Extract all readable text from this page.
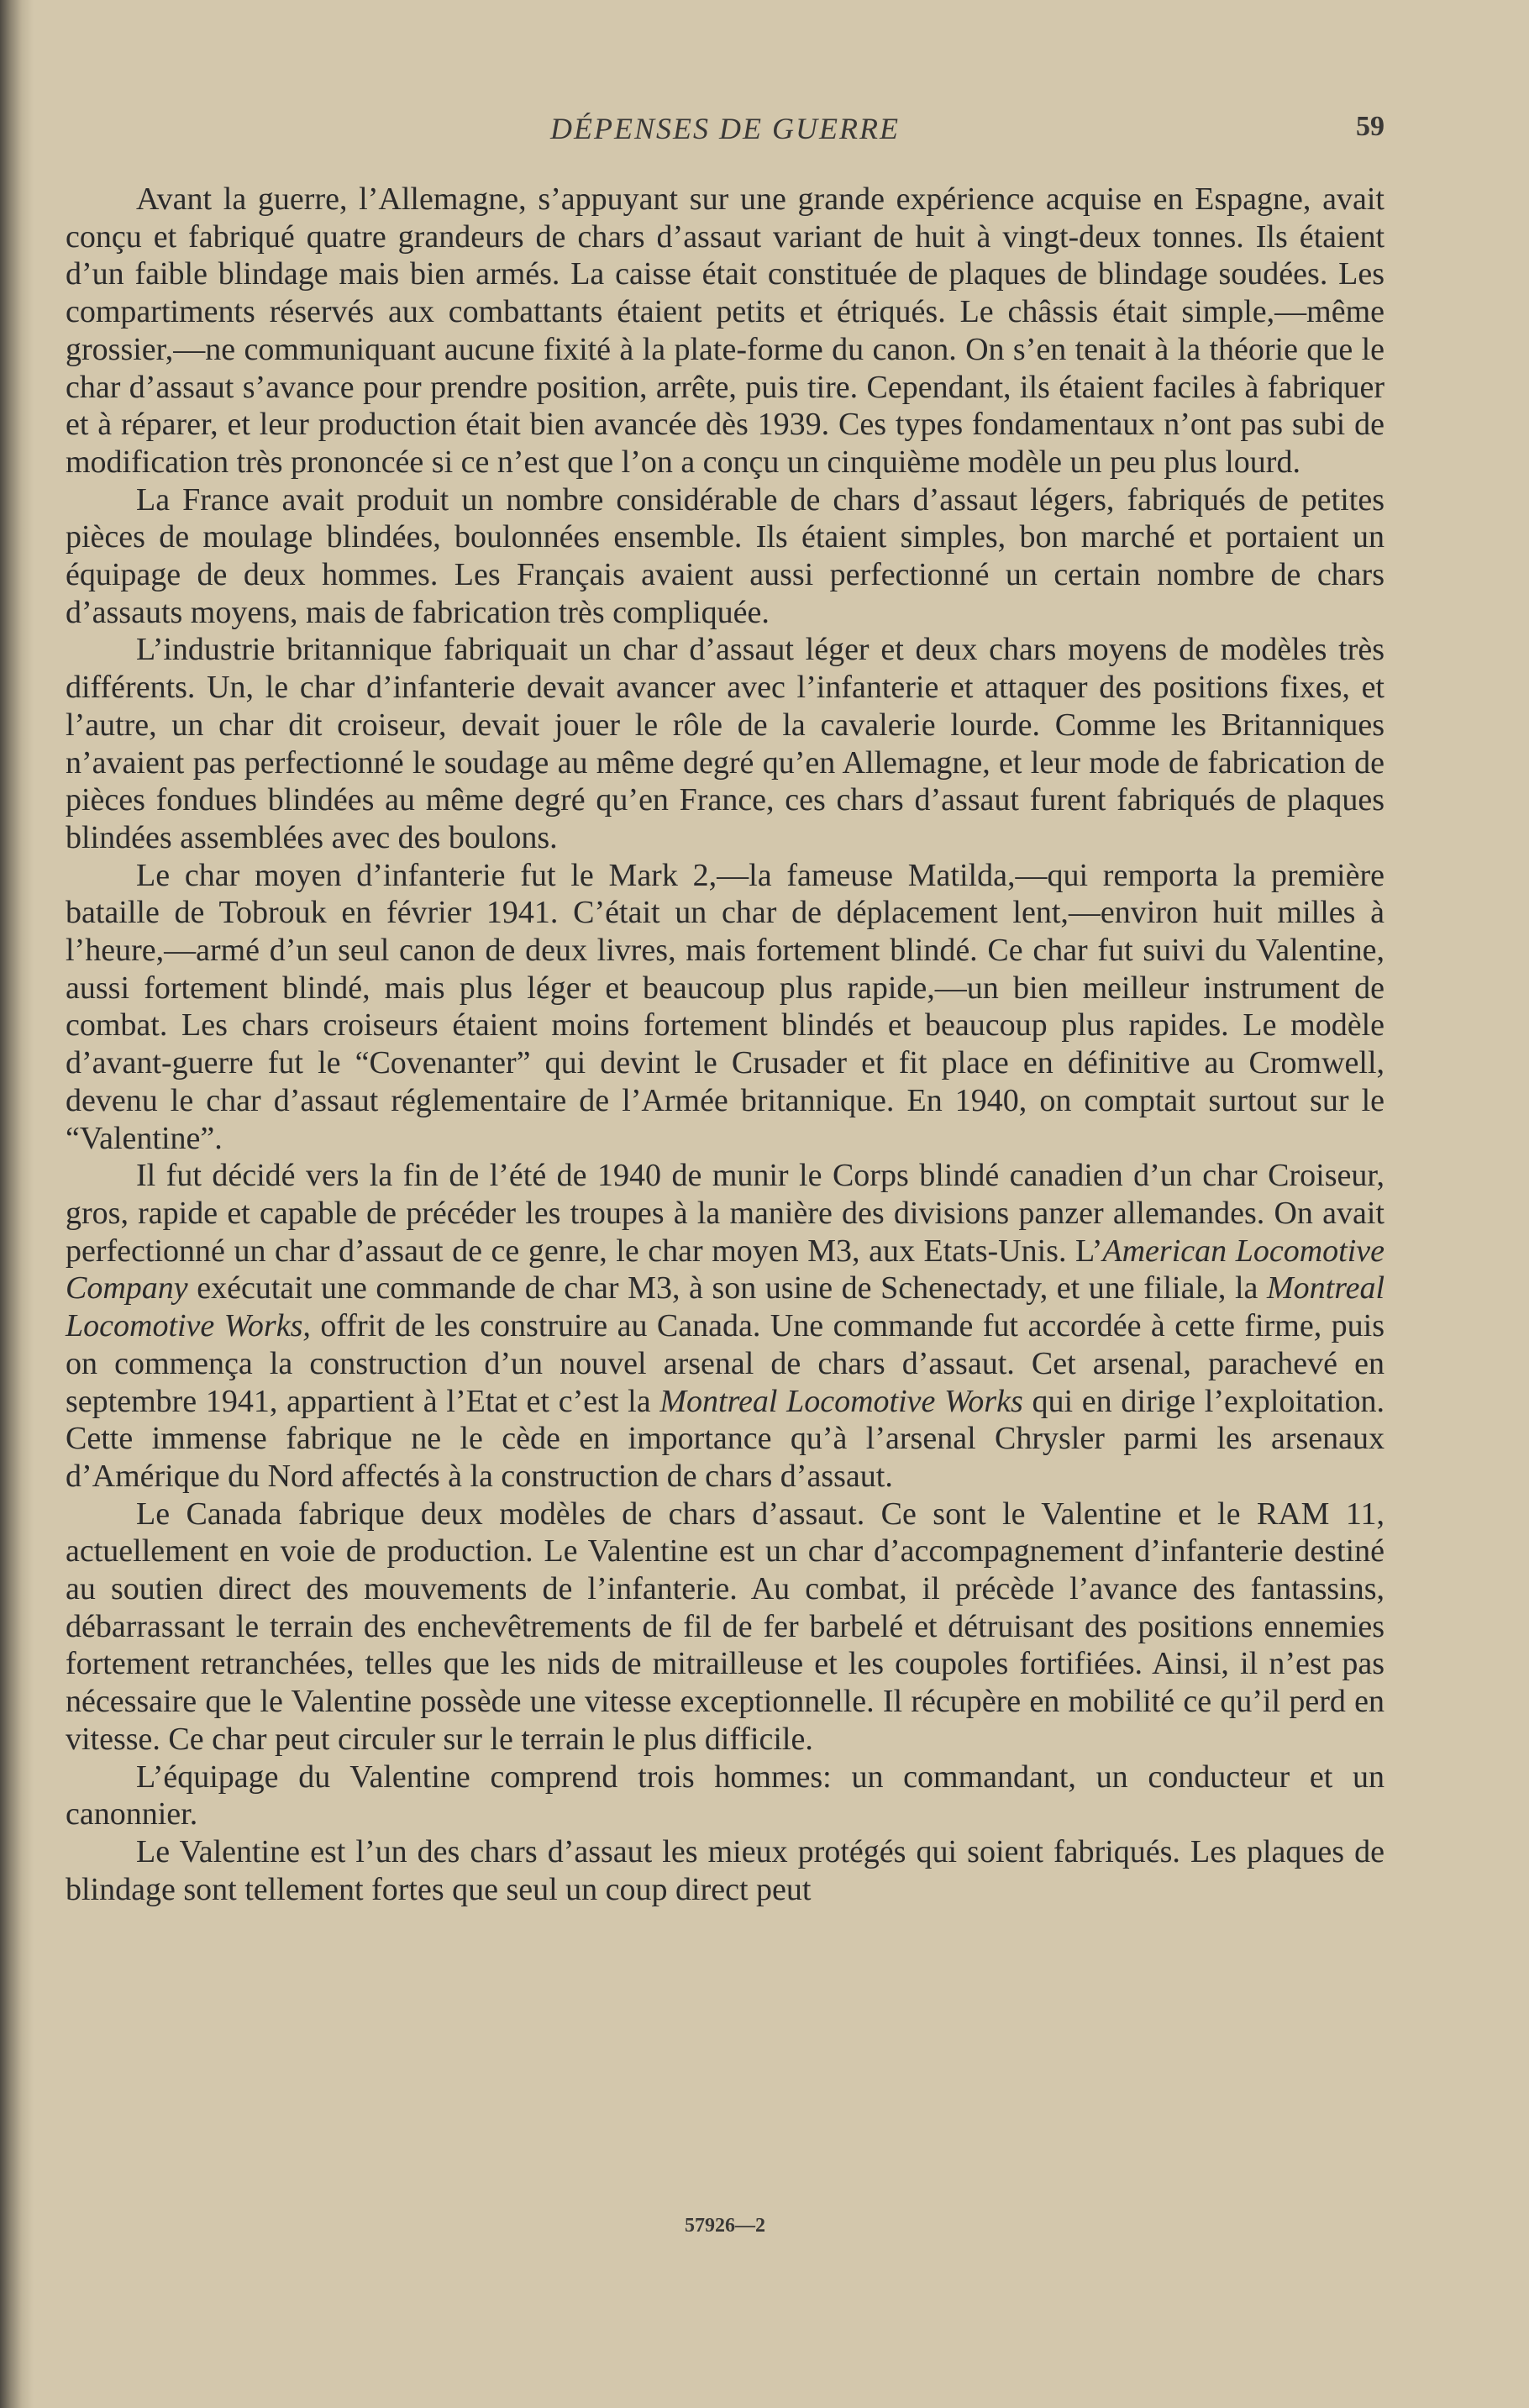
DÉPENSES DE GUERRE	59

Avant la guerre, l’Allemagne, s’appuyant sur une grande expérience acquise en Espagne, avait conçu et fabriqué quatre grandeurs de chars d’assaut variant de huit à vingt-deux tonnes. Ils étaient d’un faible blindage mais bien armés. La caisse était constituée de plaques de blindage soudées. Les compartiments réservés aux combattants étaient petits et étriqués. Le châssis était simple,—même grossier,—ne communiquant aucune fixité à la plate-forme du canon. On s’en tenait à la théorie que le char d’assaut s’avance pour prendre position, arrête, puis tire. Cependant, ils étaient faciles à fabriquer et à réparer, et leur production était bien avancée dès 1939. Ces types fondamentaux n’ont pas subi de modification très prononcée si ce n’est que l’on a conçu un cinquième modèle un peu plus lourd.

La France avait produit un nombre considérable de chars d’assaut légers, fabriqués de petites pièces de moulage blindées, boulonnées ensemble. Ils étaient simples, bon marché et portaient un équipage de deux hommes. Les Français avaient aussi perfectionné un certain nombre de chars d’assauts moyens, mais de fabrication très compliquée.

L’industrie britannique fabriquait un char d’assaut léger et deux chars moyens de modèles très différents. Un, le char d’infanterie devait avancer avec l’infanterie et attaquer des positions fixes, et l’autre, un char dit croiseur, devait jouer le rôle de la cavalerie lourde. Comme les Britanniques n’avaient pas perfectionné le soudage au même degré qu’en Allemagne, et leur mode de fabrication de pièces fondues blindées au même degré qu’en France, ces chars d’assaut furent fabriqués de plaques blindées assemblées avec des boulons.

Le char moyen d’infanterie fut le Mark 2,—la fameuse Matilda,—qui remporta la première bataille de Tobrouk en février 1941. C’était un char de déplacement lent,—environ huit milles à l’heure,—armé d’un seul canon de deux livres, mais fortement blindé. Ce char fut suivi du Valentine, aussi fortement blindé, mais plus léger et beaucoup plus rapide,—un bien meilleur instrument de combat. Les chars croiseurs étaient moins fortement blindés et beaucoup plus rapides. Le modèle d’avant-guerre fut le “Covenanter” qui devint le Crusader et fit place en définitive au Cromwell, devenu le char d’assaut réglementaire de l’Armée britannique. En 1940, on comptait surtout sur le “Valentine”.

Il fut décidé vers la fin de l’été de 1940 de munir le Corps blindé canadien d’un char Croiseur, gros, rapide et capable de précéder les troupes à la manière des divisions panzer allemandes. On avait perfectionné un char d’assaut de ce genre, le char moyen M3, aux Etats-Unis. L’American Locomotive Company exécutait une commande de char M3, à son usine de Schenectady, et une filiale, la Montreal Locomotive Works, offrit de les construire au Canada. Une commande fut accordée à cette firme, puis on commença la construction d’un nouvel arsenal de chars d’assaut. Cet arsenal, parachevé en septembre 1941, appartient à l’Etat et c’est la Montreal Locomotive Works qui en dirige l’exploitation. Cette immense fabrique ne le cède en importance qu’à l’arsenal Chrysler parmi les arsenaux d’Amérique du Nord affectés à la construction de chars d’assaut.

Le Canada fabrique deux modèles de chars d’assaut. Ce sont le Valentine et le RAM 11, actuellement en voie de production. Le Valentine est un char d’accompagnement d’infanterie destiné au soutien direct des mouvements de l’infanterie. Au combat, il précède l’avance des fantassins, débarrassant le terrain des enchevêtrements de fil de fer barbelé et détruisant des positions ennemies fortement retranchées, telles que les nids de mitrailleuse et les coupoles fortifiées. Ainsi, il n’est pas nécessaire que le Valentine possède une vitesse exceptionnelle. Il récupère en mobilité ce qu’il perd en vitesse. Ce char peut circuler sur le terrain le plus difficile.

L’équipage du Valentine comprend trois hommes: un commandant, un conducteur et un canonnier.

Le Valentine est l’un des chars d’assaut les mieux protégés qui soient fabriqués. Les plaques de blindage sont tellement fortes que seul un coup direct peut

57926—2
